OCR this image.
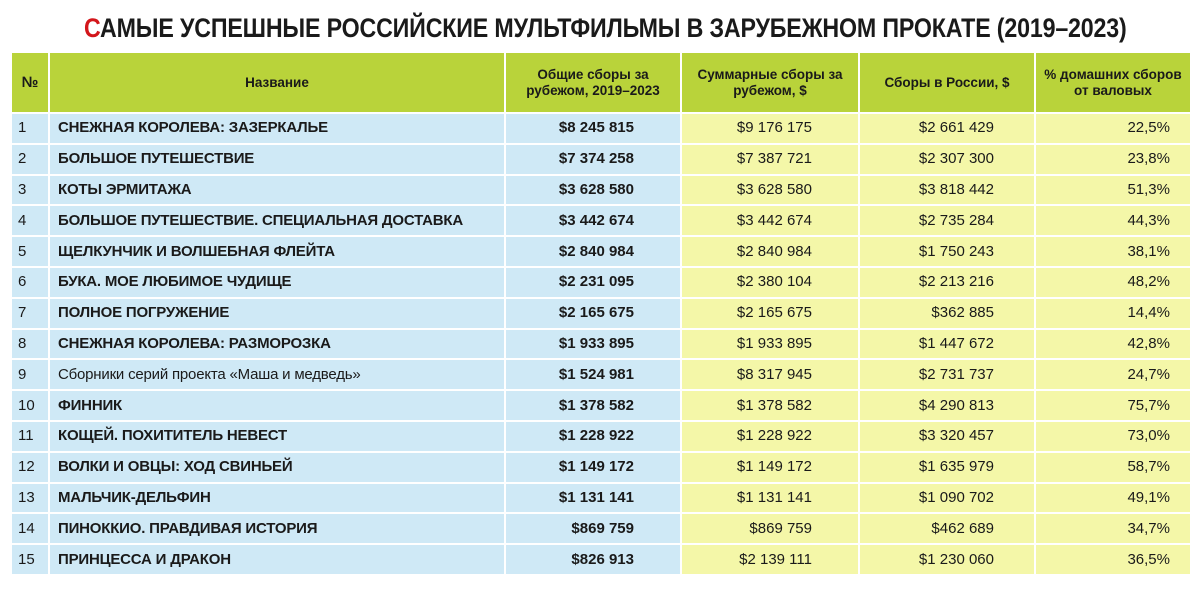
САМЫЕ УСПЕШНЫЕ РОССИЙСКИЕ МУЛЬТФИЛЬМЫ В ЗАРУБЕЖНОМ ПРОКАТЕ (2019–2023)
№	Название	Общие сборы за рубежом, 2019–2023	Суммарные сборы за рубежом, $	Сборы в России, $	% домашних сборов от валовых
1	СНЕЖНАЯ КОРОЛЕВА: ЗАЗЕРКАЛЬЕ	$8 245 815	$9 176 175	$2 661 429	22,5%
2	БОЛЬШОЕ ПУТЕШЕСТВИЕ	$7 374 258	$7 387 721	$2 307 300	23,8%
3	КОТЫ ЭРМИТАЖА	$3 628 580	$3 628 580	$3 818 442	51,3%
4	БОЛЬШОЕ ПУТЕШЕСТВИЕ. СПЕЦИАЛЬНАЯ ДОСТАВКА	$3 442 674	$3 442 674	$2 735 284	44,3%
5	ЩЕЛКУНЧИК И ВОЛШЕБНАЯ ФЛЕЙТА	$2 840 984	$2 840 984	$1 750 243	38,1%
6	БУКА. МОЕ ЛЮБИМОЕ ЧУДИЩЕ	$2 231 095	$2 380 104	$2 213 216	48,2%
7	ПОЛНОЕ ПОГРУЖЕНИЕ	$2 165 675	$2 165 675	$362 885	14,4%
8	СНЕЖНАЯ КОРОЛЕВА: РАЗМОРОЗКА	$1 933 895	$1 933 895	$1 447 672	42,8%
9	Сборники серий проекта «Маша и медведь»	$1 524 981	$8 317 945	$2 731 737	24,7%
10	ФИННИК	$1 378 582	$1 378 582	$4 290 813	75,7%
11	КОЩЕЙ. ПОХИТИТЕЛЬ НЕВЕСТ	$1 228 922	$1 228 922	$3 320 457	73,0%
12	ВОЛКИ И ОВЦЫ: ХОД СВИНЬЕЙ	$1 149 172	$1 149 172	$1 635 979	58,7%
13	МАЛЬЧИК-ДЕЛЬФИН	$1 131 141	$1 131 141	$1 090 702	49,1%
14	ПИНОККИО. ПРАВДИВАЯ ИСТОРИЯ	$869 759	$869 759	$462 689	34,7%
15	ПРИНЦЕССА И ДРАКОН	$826 913	$2 139 111	$1 230 060	36,5%
